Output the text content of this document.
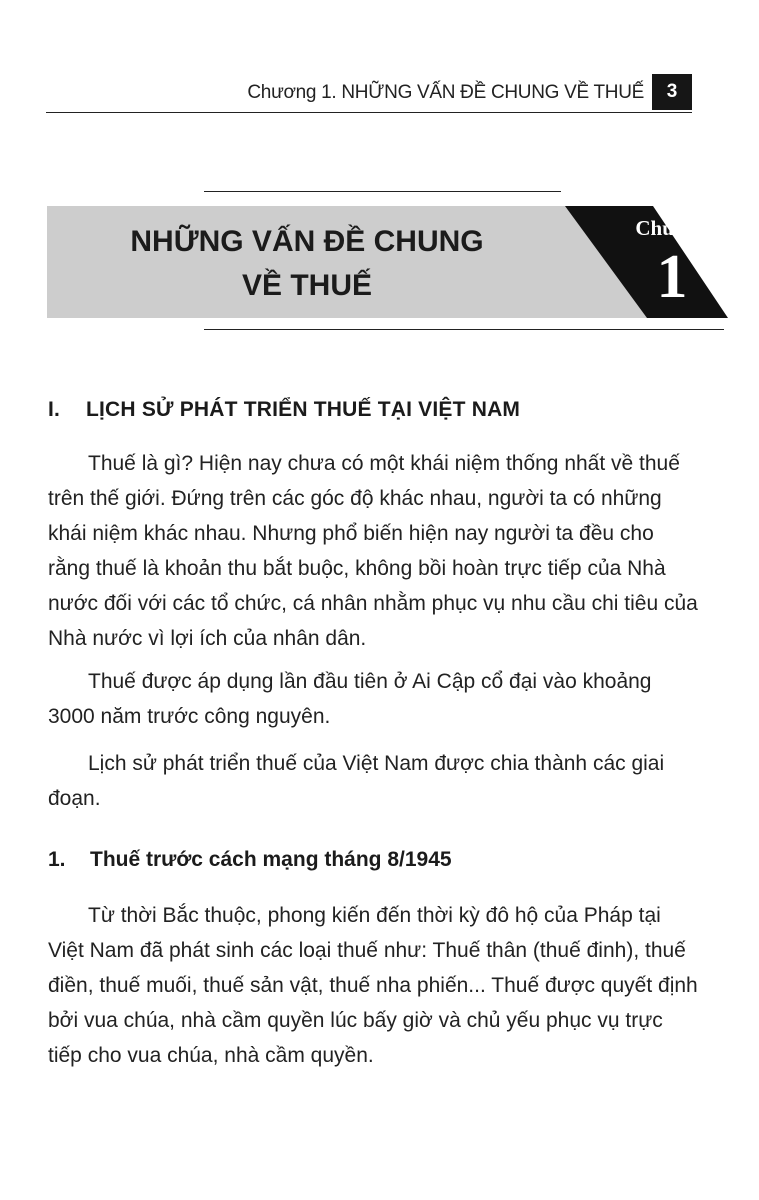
Chương 1. NHỮNG VẤN ĐỀ CHUNG VỀ THUẾ	3
NHỮNG VẤN ĐỀ CHUNG
VỀ THUẾ
Chương
1
I. LỊCH SỬ PHÁT TRIỂN THUẾ TẠI VIỆT NAM

Thuế là gì? Hiện nay chưa có một khái niệm thống nhất về thuế trên thế giới. Đứng trên các góc độ khác nhau, người ta có những khái niệm khác nhau. Nhưng phổ biến hiện nay người ta đều cho rằng thuế là khoản thu bắt buộc, không bồi hoàn trực tiếp của Nhà nước đối với các tổ chức, cá nhân nhằm phục vụ nhu cầu chi tiêu của Nhà nước vì lợi ích của nhân dân.

Thuế được áp dụng lần đầu tiên ở Ai Cập cổ đại vào khoảng 3000 năm trước công nguyên.

Lịch sử phát triển thuế của Việt Nam được chia thành các giai đoạn.

1. Thuế trước cách mạng tháng 8/1945

Từ thời Bắc thuộc, phong kiến đến thời kỳ đô hộ của Pháp tại Việt Nam đã phát sinh các loại thuế như: Thuế thân (thuế đinh), thuế điền, thuế muối, thuế sản vật, thuế nha phiến... Thuế được quyết định bởi vua chúa, nhà cầm quyền lúc bấy giờ và chủ yếu phục vụ trực tiếp cho vua chúa, nhà cầm quyền.
